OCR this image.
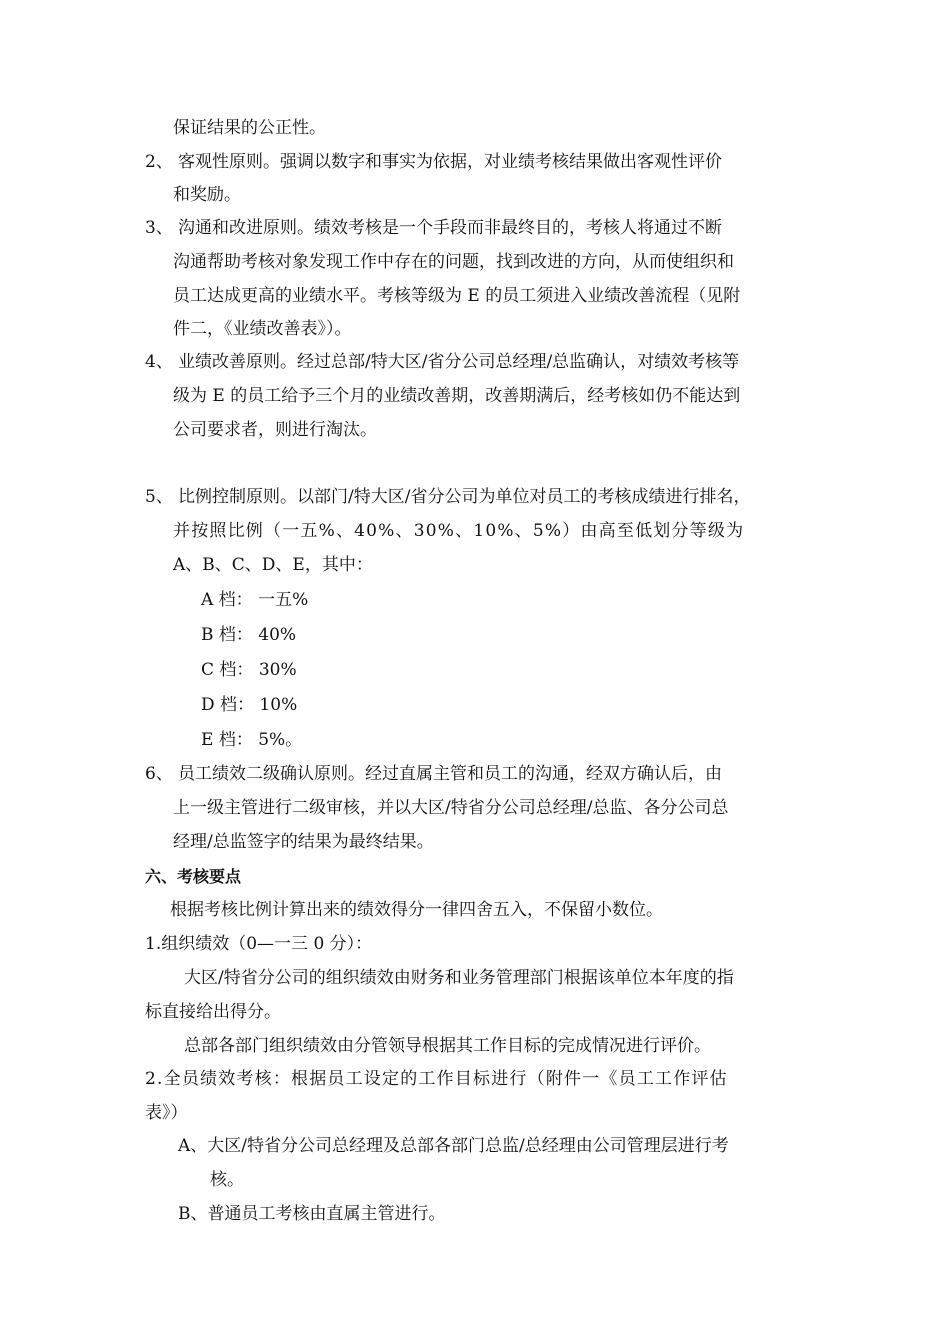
保证结果的公正性。
2、 客观性原则。强调以数字和事实为依据，对业绩考核结果做出客观性评价
和奖励。
3、 沟通和改进原则。绩效考核是一个手段而非最终目的，考核人将通过不断
沟通帮助考核对象发现工作中存在的问题，找到改进的方向，从而使组织和
员工达成更高的业绩水平。考核等级为 E 的员工须进入业绩改善流程（见附
件二，《业绩改善表》）。
4、 业绩改善原则。经过总部/特大区/省分公司总经理/总监确认，对绩效考核等
级为 E 的员工给予三个月的业绩改善期，改善期满后，经考核如仍不能达到
公司要求者，则进行淘汰。
5、 比例控制原则。以部门/特大区/省分公司为单位对员工的考核成绩进行排名，
并按照比例（一五%、40%、30%、10%、5%）由高至低划分等级为
A、B、C、D、E，其中：
A 档： 一五%
B 档： 40%
C 档： 30%
D 档： 10%
E 档： 5%。
6、 员工绩效二级确认原则。经过直属主管和员工的沟通，经双方确认后，由
上一级主管进行二级审核，并以大区/特省分公司总经理/总监、各分公司总
经理/总监签字的结果为最终结果。
六、考核要点
根据考核比例计算出来的绩效得分一律四舍五入，不保留小数位。
1.组织绩效（0—一三 0 分）：
大区/特省分公司的组织绩效由财务和业务管理部门根据该单位本年度的指
标直接给出得分。
总部各部门组织绩效由分管领导根据其工作目标的完成情况进行评价。
2.全员绩效考核：根据员工设定的工作目标进行（附件一《员工工作评估
表》）
A、大区/特省分公司总经理及总部各部门总监/总经理由公司管理层进行考
核。
B、普通员工考核由直属主管进行。
